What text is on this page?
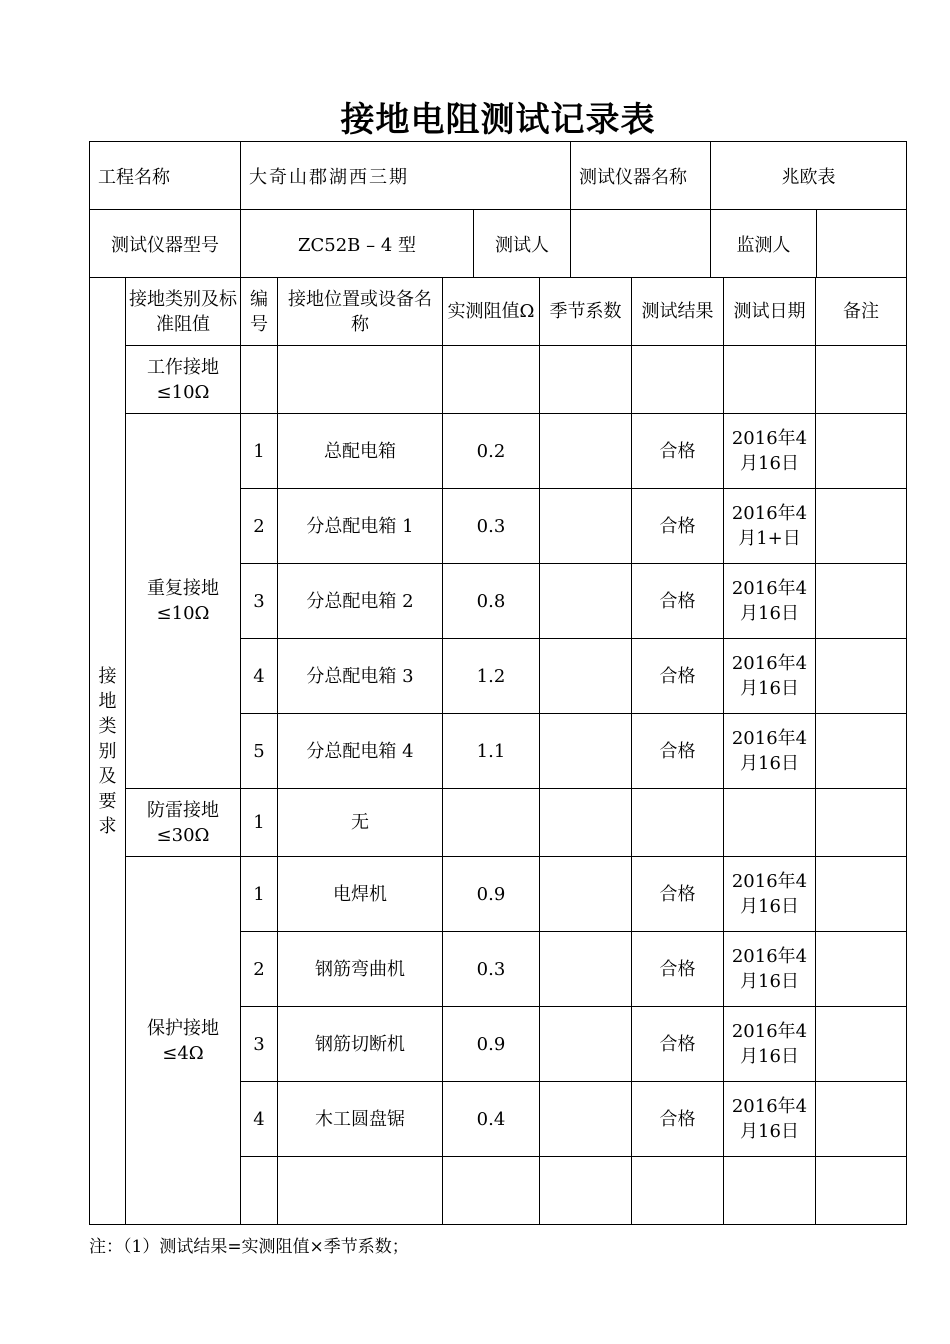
接地电阻测试记录表
工程名称	大奇山郡湖西三期	测试仪器名称	兆欧表
测试仪器型号	ZC52B – 4 型	测试人		监测人	
接地类别及要求	接地类别及标准阻值	编号	接地位置或设备名称	实测阻值Ω	季节系数	测试结果	测试日期	备注
	工作接地≤10Ω							
	重复接地≤10Ω	1	总配电箱	0.2		合格	2016年4月16日	
		2	分总配电箱 1	0.3		合格	2016年4月1+日	
		3	分总配电箱 2	0.8		合格	2016年4月16日	
		4	分总配电箱 3	1.2		合格	2016年4月16日	
		5	分总配电箱 4	1.1		合格	2016年4月16日	
	防雷接地≤30Ω	1	无					
	保护接地≤4Ω	1	电焊机	0.9		合格	2016年4月16日	
		2	钢筋弯曲机	0.3		合格	2016年4月16日	
		3	钢筋切断机	0.9		合格	2016年4月16日	
		4	木工圆盘锯	0.4		合格	2016年4月16日	

注：（1）测试结果=实测阻值×季节系数；
